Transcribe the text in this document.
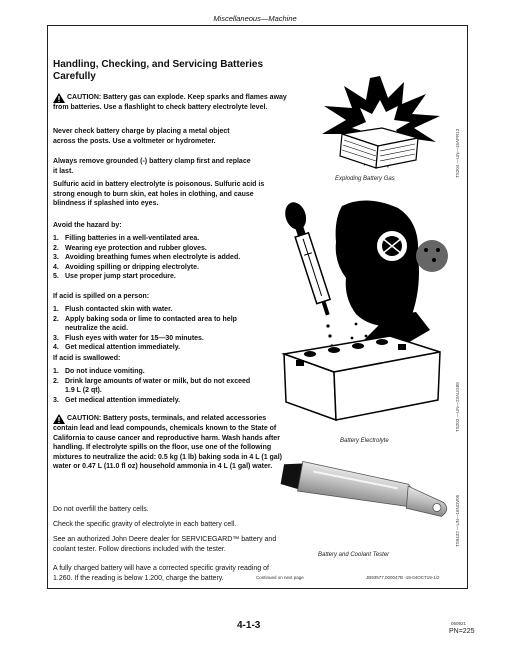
Miscellaneous—Machine
Handling, Checking, and Servicing Batteries Carefully
CAUTION: Battery gas can explode. Keep sparks and flames away from batteries. Use a flashlight to check battery electrolyte level.
Never check battery charge by placing a metal object across the posts. Use a voltmeter or hydrometer.
Always remove grounded (-) battery clamp first and replace it last.
Sulfuric acid in battery electrolyte is poisonous. Sulfuric acid is strong enough to burn skin, eat holes in clothing, and cause blindness if splashed into eyes.
Avoid the hazard by:
1. Filling batteries in a well-ventilated area.
2. Wearing eye protection and rubber gloves.
3. Avoiding breathing fumes when electrolyte is added.
4. Avoiding spilling or dripping electrolyte.
5. Use proper jump start procedure.
If acid is spilled on a person:
1. Flush contacted skin with water.
2. Apply baking soda or lime to contacted area to help neutralize the acid.
3. Flush eyes with water for 15—30 minutes.
4. Get medical attention immediately.
If acid is swallowed:
1. Do not induce vomiting.
2. Drink large amounts of water or milk, but do not exceed 1.9 L (2 qt).
3. Get medical attention immediately.
CAUTION: Battery posts, terminals, and related accessories contain lead and lead compounds, chemicals known to the State of California to cause cancer and reproductive harm. Wash hands after handling. If electrolyte spills on the floor, use one of the following mixtures to neutralize the acid: 0.5 kg (1 lb) baking soda in 4 L (1 gal) water or 0.47 L (11.0 fl oz) household ammonia in 4 L (1 gal) water.
Do not overfill the battery cells.
Check the specific gravity of electrolyte in each battery cell.
See an authorized John Deere dealer for SERVICEGARD™ battery and coolant tester. Follow directions included with the tester.
A fully charged battery will have a corrected specific gravity reading of 1.260. If the reading is below 1.200, charge the battery.
Exploding Battery Gas
TS204 —UN—15APR13
Battery Electrolyte
TS203 —UN—23AUG88
Battery and Coolant Tester
TS9432 —UN—16NOV05
Continued on next page	JB93577,000047B -19-04OCT19-1/2
4-1-3	060921
PN=225
